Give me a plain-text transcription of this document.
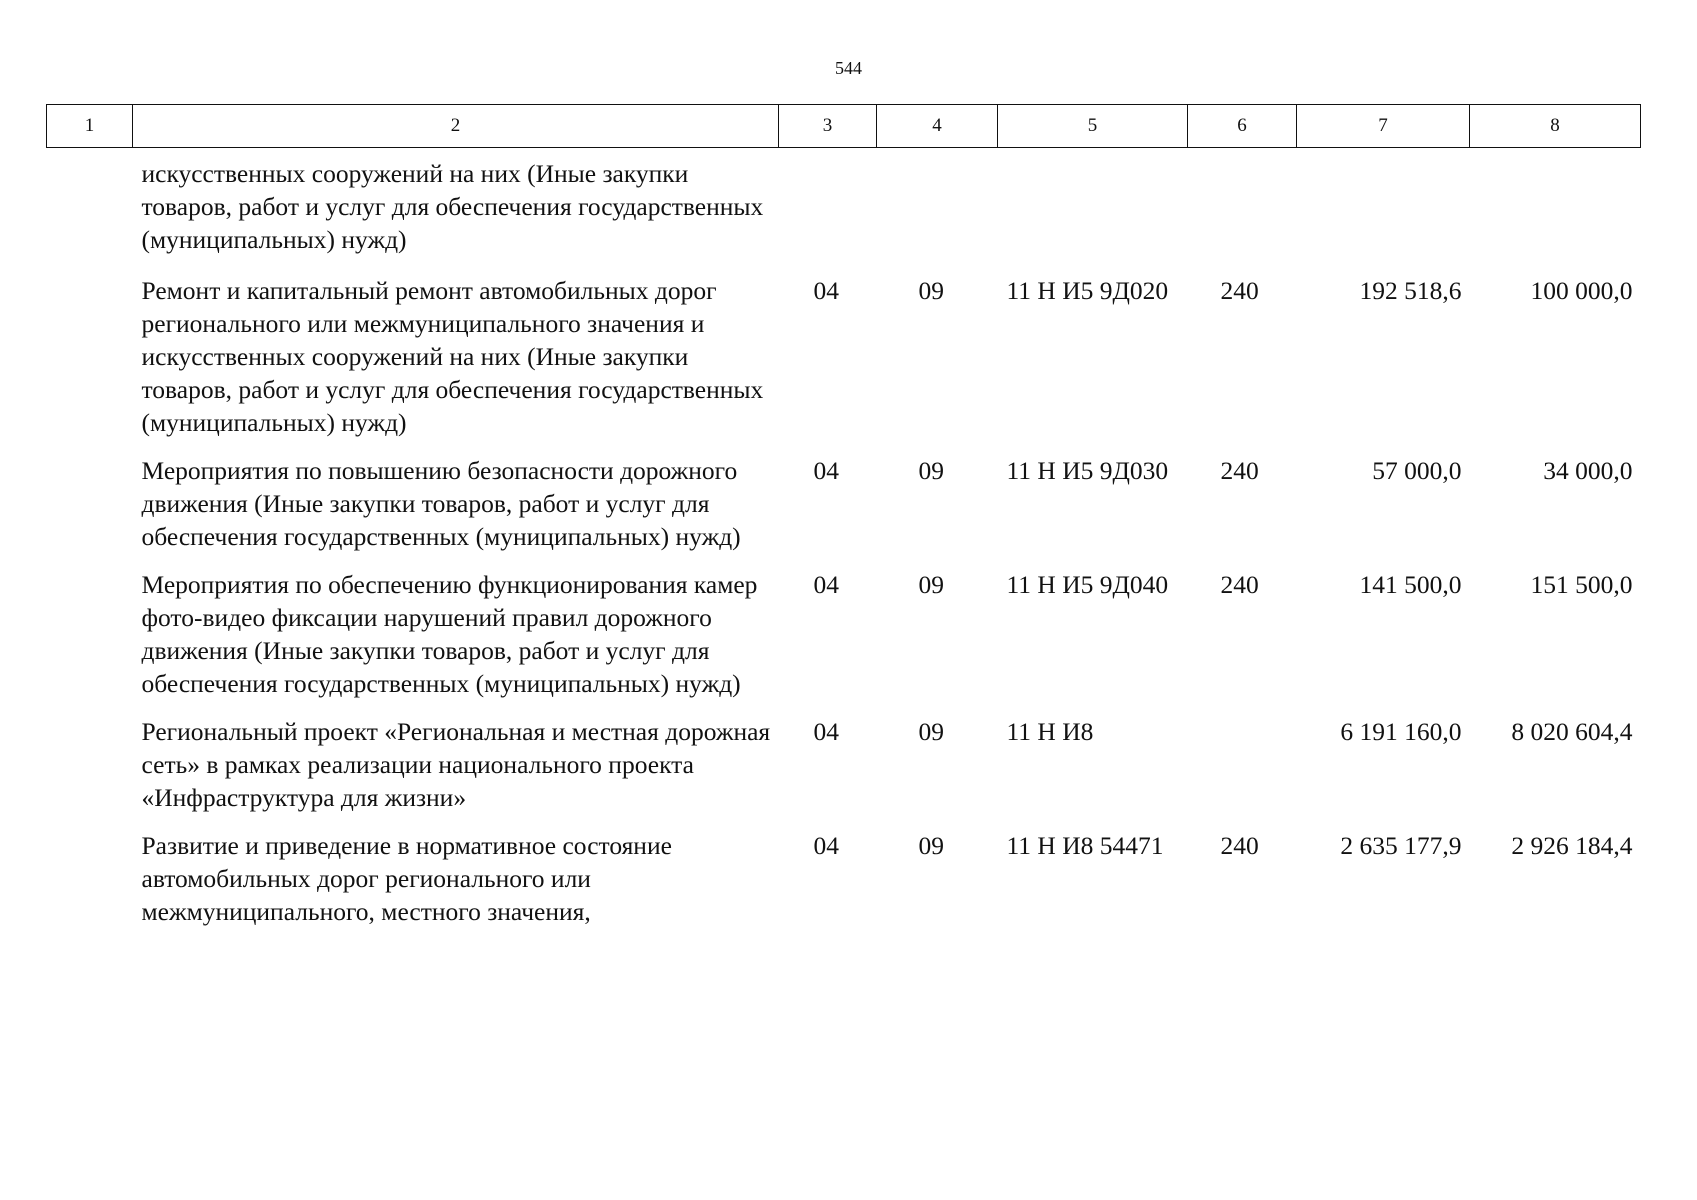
544
1	2	3	4	5	6	7	8
	искусственных сооружений на них (Иные закупки товаров, работ и услуг для обеспечения государственных (муниципальных) нужд)						
	Ремонт и капитальный ремонт автомобильных дорог регионального или межмуниципального значения и искусственных сооружений на них (Иные закупки товаров, работ и услуг для обеспечения государственных (муниципальных) нужд)	04	09	11 Н И5 9Д020	240	192 518,6	100 000,0
	Мероприятия по повышению безопасности дорожного движения (Иные закупки товаров, работ и услуг для обеспечения государственных (муниципальных) нужд)	04	09	11 Н И5 9Д030	240	57 000,0	34 000,0
	Мероприятия по обеспечению функционирования камер фото-видео фиксации нарушений правил дорожного движения (Иные закупки товаров, работ и услуг для обеспечения государственных (муниципальных) нужд)	04	09	11 Н И5 9Д040	240	141 500,0	151 500,0
	Региональный проект «Региональная и местная дорожная сеть» в рамках реализации национального проекта «Инфраструктура для жизни»	04	09	11 Н И8		6 191 160,0	8 020 604,4
	Развитие и приведение в нормативное состояние автомобильных дорог регионального или межмуниципального, местного значения,	04	09	11 Н И8 54471	240	2 635 177,9	2 926 184,4
